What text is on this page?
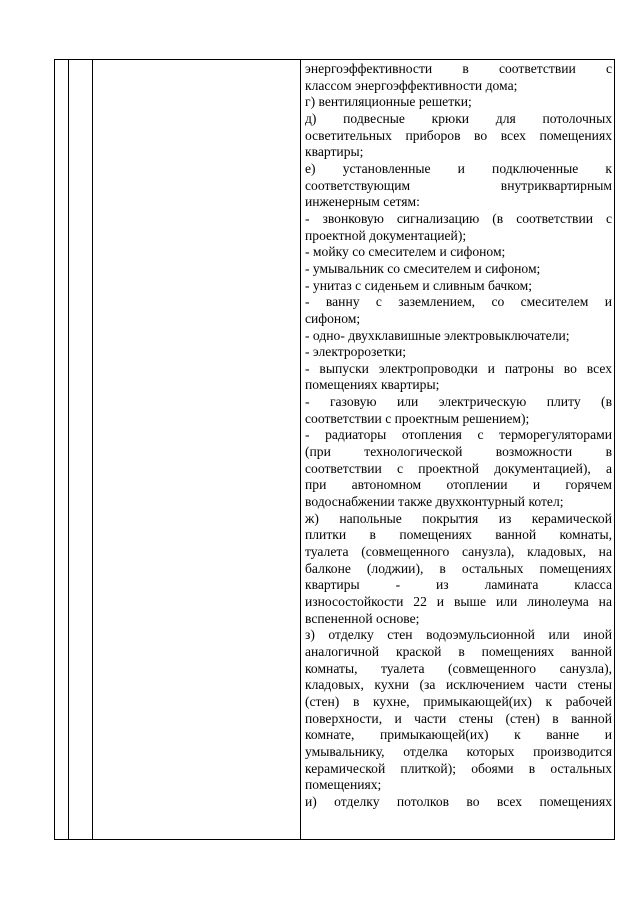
энергоэффективности в соответствии с

классом энергоэффективности дома;

г) вентиляционные решетки;

д) подвесные крюки для потолочных

осветительных приборов во всех помещениях

квартиры;

е) установленные и подключенные к

соответствующим внутриквартирным

инженерным сетям:

- звонковую сигнализацию (в соответствии с

проектной документацией);

- мойку со смесителем и сифоном;

- умывальник со смесителем и сифоном;

- унитаз с сиденьем и сливным бачком;

- ванну с заземлением, со смесителем и

сифоном;

- одно- двухклавишные электровыключатели;

- электророзетки;

- выпуски электропроводки и патроны во всех

помещениях квартиры;

- газовую или электрическую плиту (в

соответствии с проектным решением);

- радиаторы отопления с терморегуляторами

(при технологической возможности в

соответствии с проектной документацией), а

при автономном отоплении и горячем

водоснабжении также двухконтурный котел;

ж) напольные покрытия из керамической

плитки в помещениях ванной комнаты,

туалета (совмещенного санузла), кладовых, на

балконе (лоджии), в остальных помещениях

квартиры - из ламината класса

износостойкости 22 и выше или линолеума на

вспененной основе;

з) отделку стен водоэмульсионной или иной

аналогичной краской в помещениях ванной

комнаты, туалета (совмещенного санузла),

кладовых, кухни (за исключением части стены

(стен) в кухне, примыкающей(их) к рабочей

поверхности, и части стены (стен) в ванной

комнате, примыкающей(их) к ванне и

умывальнику, отделка которых производится

керамической плиткой); обоями в остальных

помещениях;

и) отделку потолков во всех помещениях
